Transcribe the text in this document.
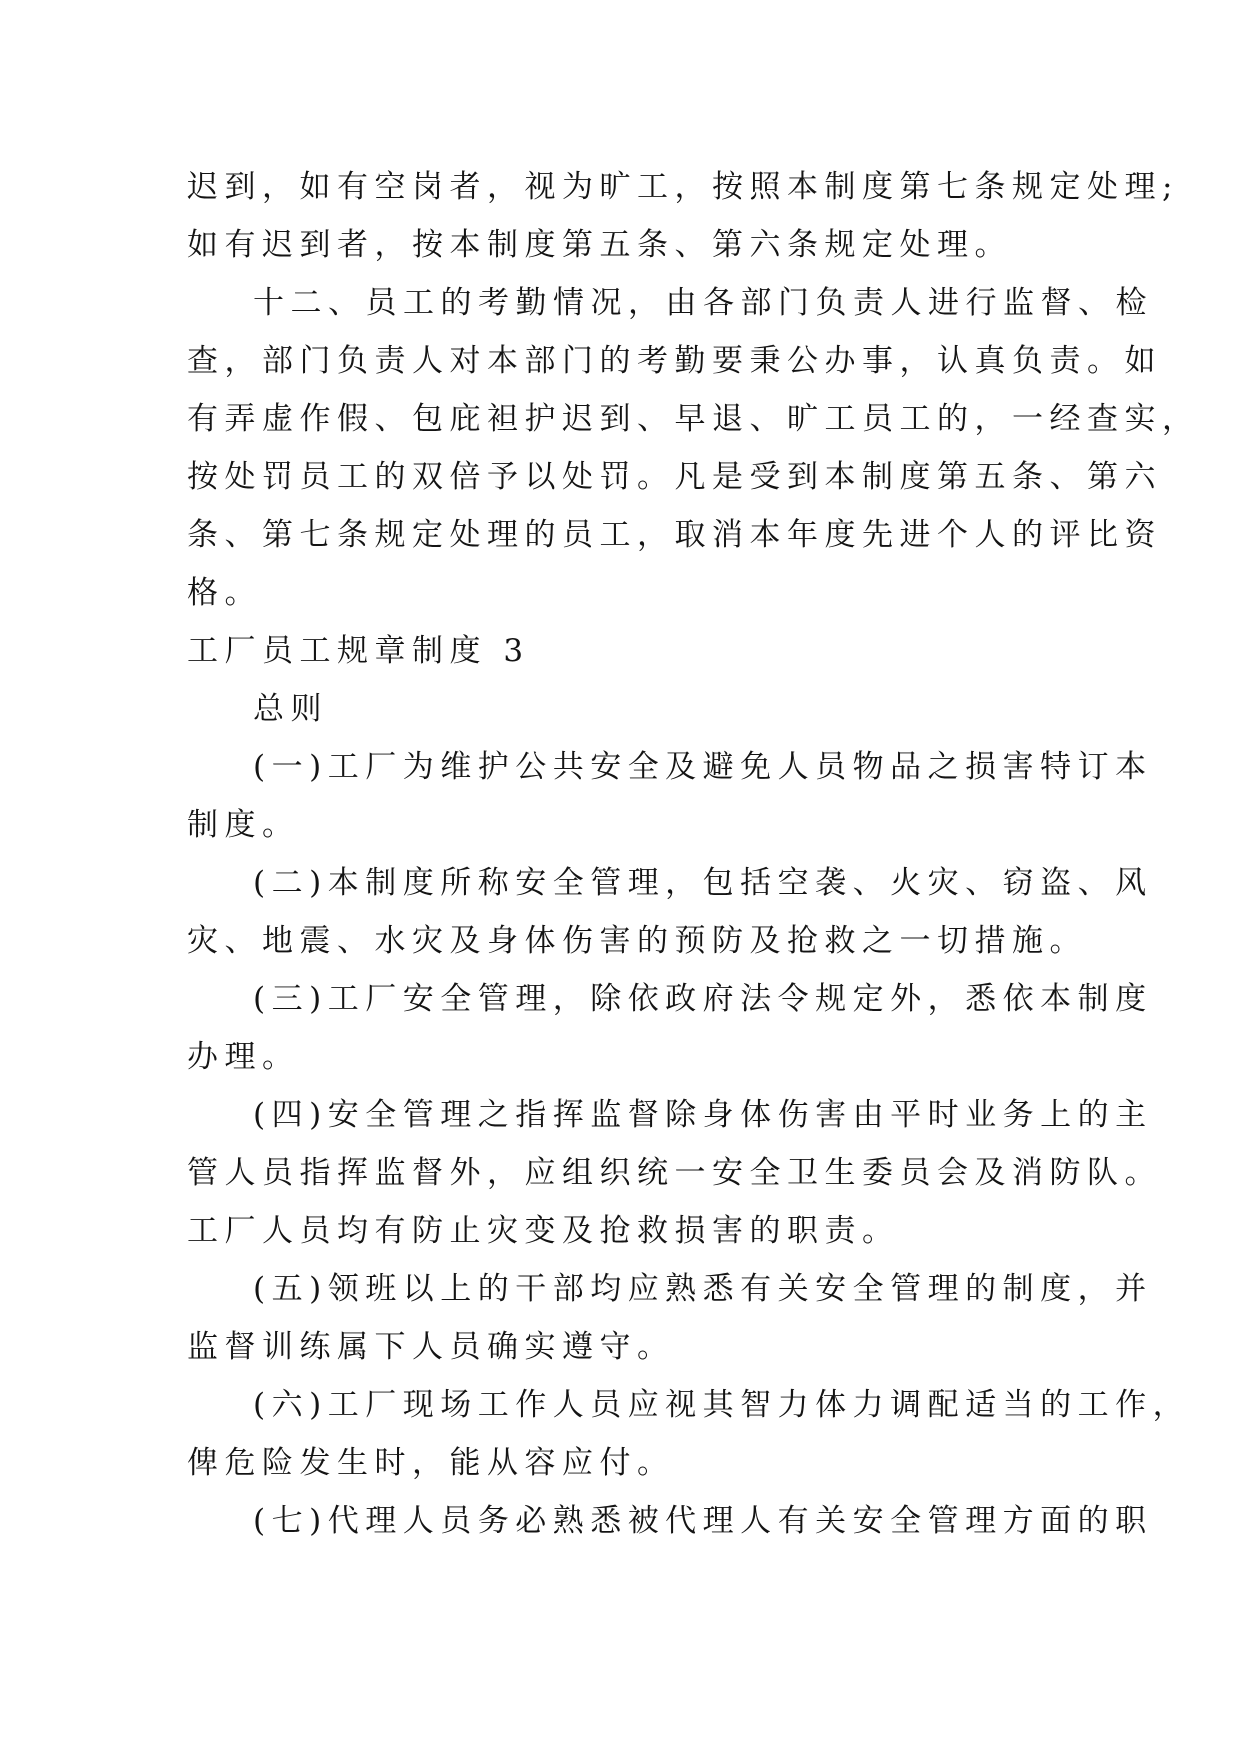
迟到，如有空岗者，视为旷工，按照本制度第七条规定处理;
如有迟到者，按本制度第五条、第六条规定处理。
十二、员工的考勤情况，由各部门负责人进行监督、检
查，部门负责人对本部门的考勤要秉公办事，认真负责。如
有弄虚作假、包庇袒护迟到、早退、旷工员工的，一经查实，
按处罚员工的双倍予以处罚。凡是受到本制度第五条、第六
条、第七条规定处理的员工，取消本年度先进个人的评比资
格。
工厂员工规章制度 3
总则
(一)工厂为维护公共安全及避免人员物品之损害特订本
制度。
(二)本制度所称安全管理，包括空袭、火灾、窃盗、风
灾、地震、水灾及身体伤害的预防及抢救之一切措施。
(三)工厂安全管理，除依政府法令规定外，悉依本制度
办理。
(四)安全管理之指挥监督除身体伤害由平时业务上的主
管人员指挥监督外，应组织统一安全卫生委员会及消防队。
工厂人员均有防止灾变及抢救损害的职责。
(五)领班以上的干部均应熟悉有关安全管理的制度，并
监督训练属下人员确实遵守。
(六)工厂现场工作人员应视其智力体力调配适当的工作，
俾危险发生时，能从容应付。
(七)代理人员务必熟悉被代理人有关安全管理方面的职
